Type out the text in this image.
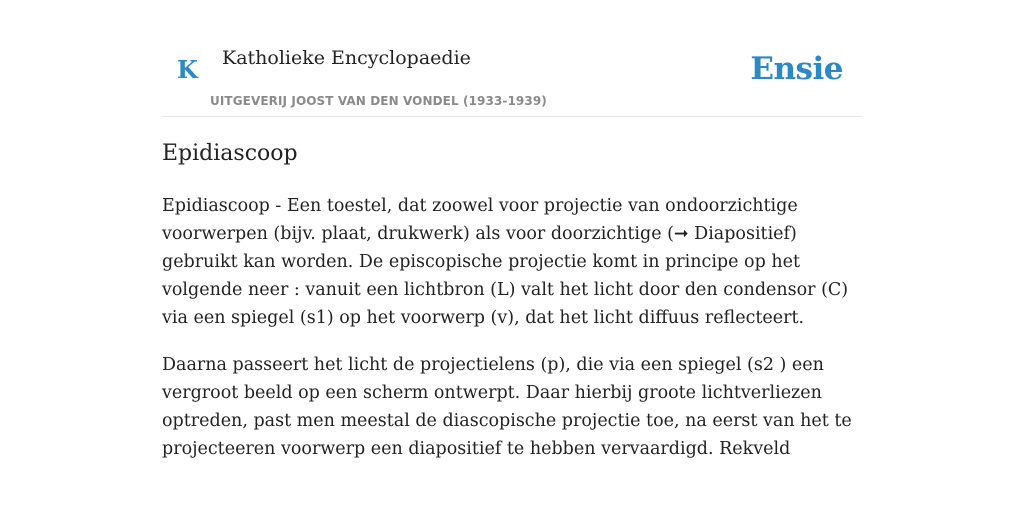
K Katholieke Encyclopaedie
UITGEVERIJ JOOST VAN DEN VONDEL (1933-1939)
Ensie
Epidiascoop

Epidiascoop - Een toestel, dat zoowel voor projectie van ondoorzichtige voorwerpen (bijv. plaat, drukwerk) als voor doorzichtige (➞ Diapositief) gebruikt kan worden. De episcopische projectie komt in principe op het volgende neer : vanuit een lichtbron (L) valt het licht door den condensor (C) via een spiegel (s1) op het voorwerp (v), dat het licht diffuus reflecteert.

Daarna passeert het licht de projectielens (p), die via een spiegel (s2 ) een vergroot beeld op een scherm ontwerpt. Daar hierbij groote lichtverliezen optreden, past men meestal de diascopische projectie toe, na eerst van het te projecteeren voorwerp een diapositief te hebben vervaardigd. Rekveld
